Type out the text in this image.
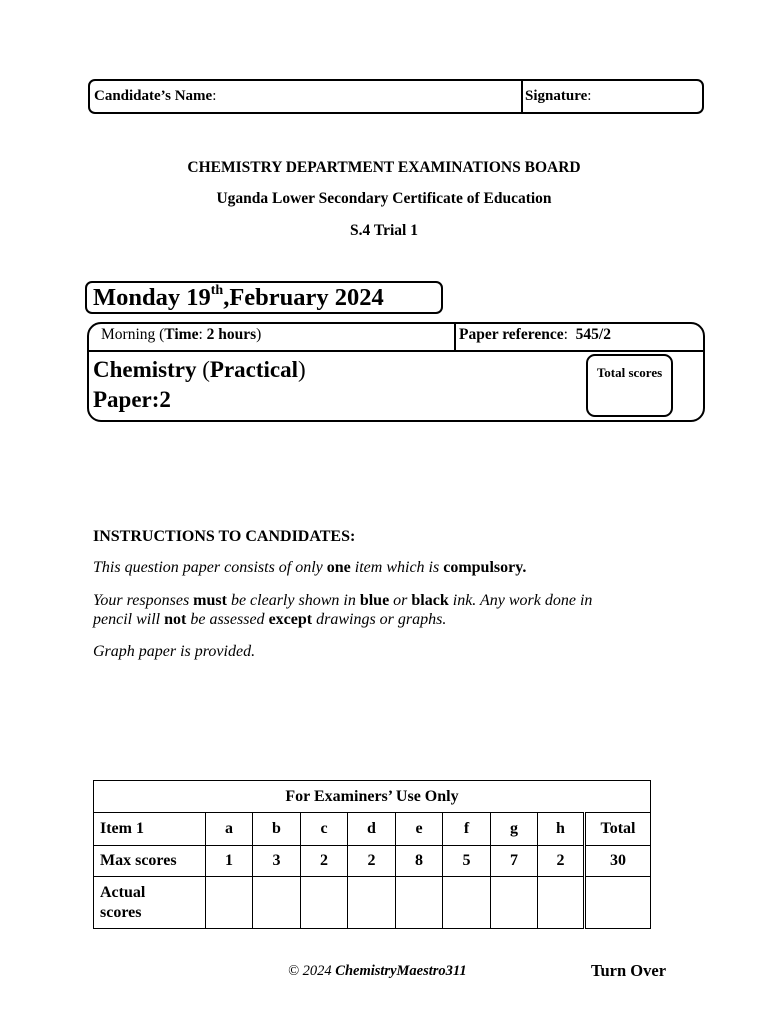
Candidate’s Name:	Signature:
CHEMISTRY DEPARTMENT EXAMINATIONS BOARD
Uganda Lower Secondary Certificate of Education
S.4 Trial 1
Monday 19th,February 2024
Morning (Time: 2 hours)	Paper reference:  545/2
Chemistry (Practical)
Paper:2
Total scores
INSTRUCTIONS TO CANDIDATES:
This question paper consists of only one item which is compulsory.
Your responses must be clearly shown in blue or black ink. Any work done in
pencil will not be assessed except drawings or graphs.
Graph paper is provided.
For Examiners’ Use Only									
Item 1	a	b	c	d	e	f	g	h	Total
Max scores	1	3	2	2	8	5	7	2	30
Actual
scores									
© 2024 ChemistryMaestro311	Turn Over
